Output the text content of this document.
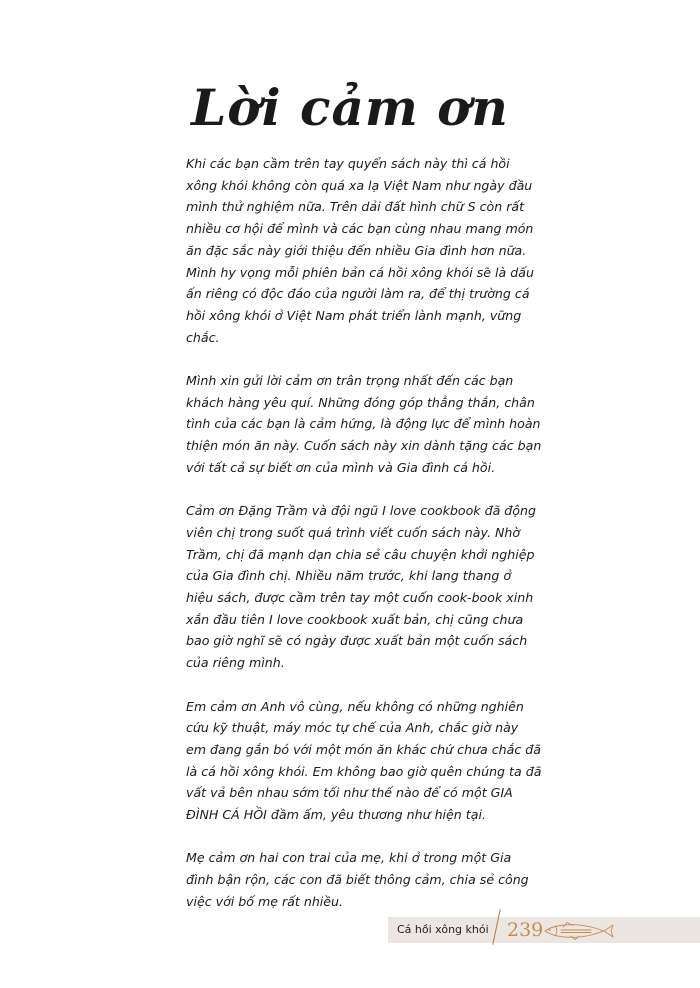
Lời cảm ơn

Khi các bạn cầm trên tay quyển sách này thì cá hồi xông khói không còn quá xa lạ Việt Nam như ngày đầu mình thử nghiệm nữa. Trên dải đất hình chữ S còn rất nhiều cơ hội để mình và các bạn cùng nhau mang món ăn đặc sắc này giới thiệu đến nhiều Gia đình hơn nữa. Mình hy vọng mỗi phiên bản cá hồi xông khói sẽ là dấu ấn riêng có độc đáo của người làm ra, để thị trường cá hồi xông khói ở Việt Nam phát triển lành mạnh, vững chắc.

Mình xin gửi lời cảm ơn trân trọng nhất đến các bạn khách hàng yêu quí. Những đóng góp thẳng thắn, chân tình của các bạn là cảm hứng, là động lực để mình hoàn thiện món ăn này. Cuốn sách này xin dành tặng các bạn với tất cả sự biết ơn của mình và Gia đình cá hồi.

Cảm ơn Đặng Trầm và đội ngũ I love cookbook đã động viên chị trong suốt quá trình viết cuốn sách này. Nhờ Trầm, chị đã mạnh dạn chia sẻ câu chuyện khởi nghiệp của Gia đình chị. Nhiều năm trước, khi lang thang ở hiệu sách, được cầm trên tay một cuốn cook-book xinh xắn đầu tiên I love cookbook xuất bản, chị cũng chưa bao giờ nghĩ sẽ có ngày được xuất bản một cuốn sách của riêng mình.

Em cảm ơn Anh vô cùng, nếu không có những nghiên cứu kỹ thuật, máy móc tự chế của Anh, chắc giờ này em đang gắn bó với một món ăn khác chứ chưa chắc đã là cá hồi xông khói. Em không bao giờ quên chúng ta đã vất vả bên nhau sớm tối như thế nào để có một GIA ĐÌNH CÁ HỒI đầm ấm, yêu thương như hiện tại.

Mẹ cảm ơn hai con trai của mẹ, khi ở trong một Gia đình bận rộn, các con đã biết thông cảm, chia sẻ công việc với bố mẹ rất nhiều.

Cá hồi xông khói 239
